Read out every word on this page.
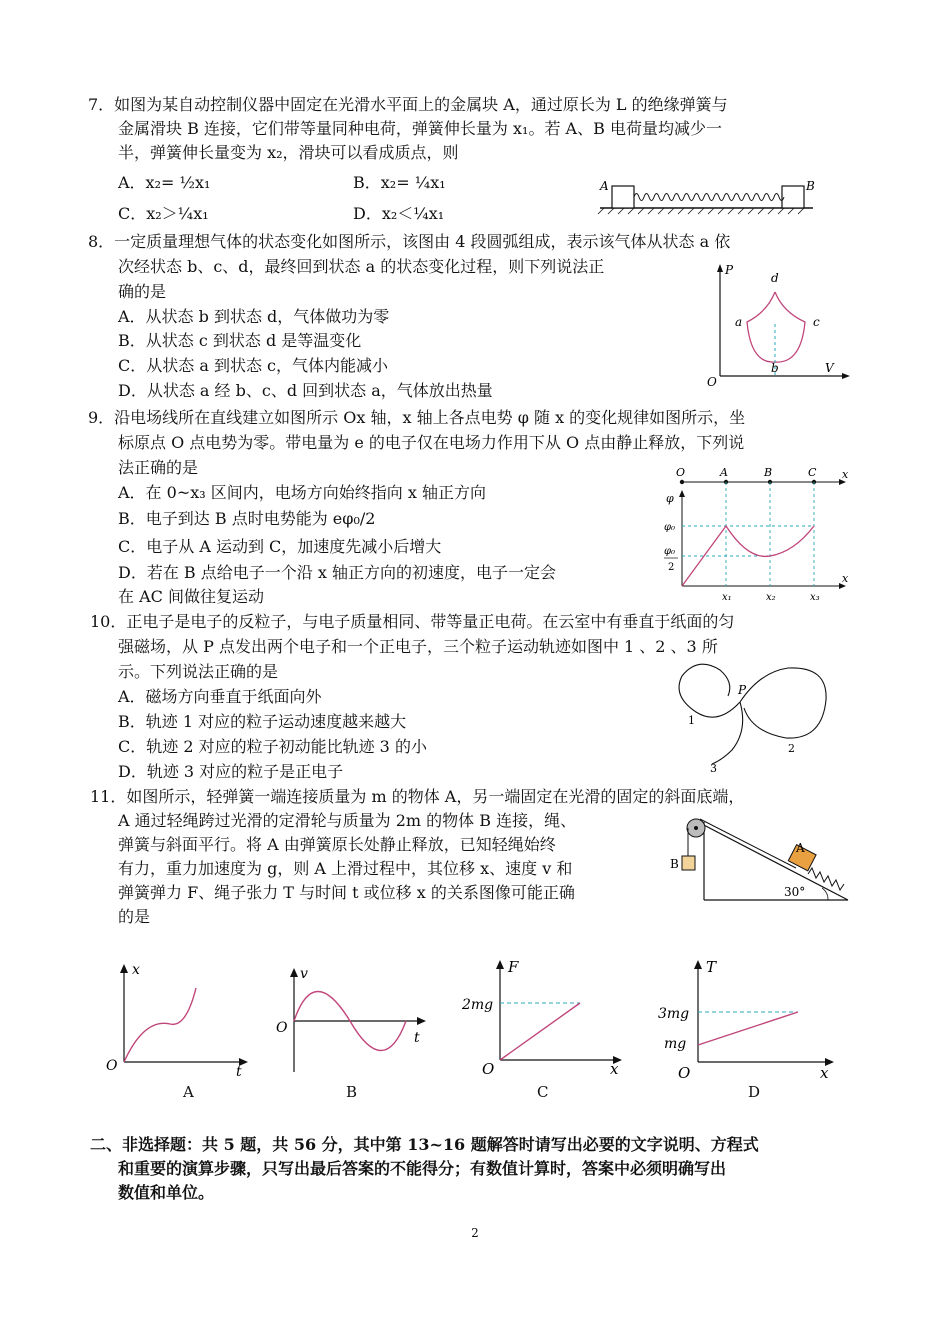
7．如图为某自动控制仪器中固定在光滑水平面上的金属块 A，通过原长为 L 的绝缘弹簧与
金属滑块 B 连接，它们带等量同种电荷，弹簧伸长量为 x₁。若 A、B 电荷量均减少一
半，弹簧伸长量变为 x₂，滑块可以看成质点，则
A．x₂= ½x₁	B．x₂= ¼x₁
C．x₂＞¼x₁	D．x₂＜¼x₁
A	B
8．一定质量理想气体的状态变化如图所示，该图由 4 段圆弧组成，表示该气体从状态 a 依
次经状态 b、c、d，最终回到状态 a 的状态变化过程，则下列说法正
确的是
A．从状态 b 到状态 d，气体做功为零
B．从状态 c 到状态 d 是等温变化
C．从状态 a 到状态 c，气体内能减小
D．从状态 a 经 b、c、d 回到状态 a，气体放出热量
P
V
O
a
b
c
d
9．沿电场线所在直线建立如图所示 Ox 轴，x 轴上各点电势 φ 随 x 的变化规律如图所示，坐
标原点 O 点电势为零。带电量为 e 的电子仅在电场力作用下从 O 点由静止释放，下列说
法正确的是
A．在 0~x₃ 区间内，电场方向始终指向 x 轴正方向
B．电子到达 B 点时电势能为 eφ₀/2
C．电子从 A 运动到 C，加速度先减小后增大
D．若在 B 点给电子一个沿 x 轴正方向的初速度，电子一定会
在 AC 间做往复运动
O	A	B	C x
φ
φ₀
φ₀
2
x₁	x₂	x₃
x
10．正电子是电子的反粒子，与电子质量相同、带等量正电荷。在云室中有垂直于纸面的匀
强磁场，从 P 点发出两个电子和一个正电子，三个粒子运动轨迹如图中 1 、2 、3 所
示。下列说法正确的是
A．磁场方向垂直于纸面向外
B．轨迹 1 对应的粒子运动速度越来越大
C．轨迹 2 对应的粒子初动能比轨迹 3 的小
D．轨迹 3 对应的粒子是正电子
P
1
2
3
11．如图所示，轻弹簧一端连接质量为 m 的物体 A，另一端固定在光滑的固定的斜面底端，
A 通过轻绳跨过光滑的定滑轮与质量为 2m 的物体 B 连接，绳、
弹簧与斜面平行。将 A 由弹簧原长处静止释放，已知轻绳始终
有力，重力加速度为 g，则 A 上滑过程中，其位移 x、速度 v 和
弹簧弹力 F、绳子张力 T 与时间 t 或位移 x 的关系图像可能正确
的是
B
A
30°
x
t
O
A
v
t
O
B
F
2mg
x
O
C
T
3mg
mg
x
O
D
二、非选择题：共 5 题，共 56 分，其中第 13~16 题解答时请写出必要的文字说明、方程式
和重要的演算步骤，只写出最后答案的不能得分；有数值计算时，答案中必须明确写出
数值和单位。
2
